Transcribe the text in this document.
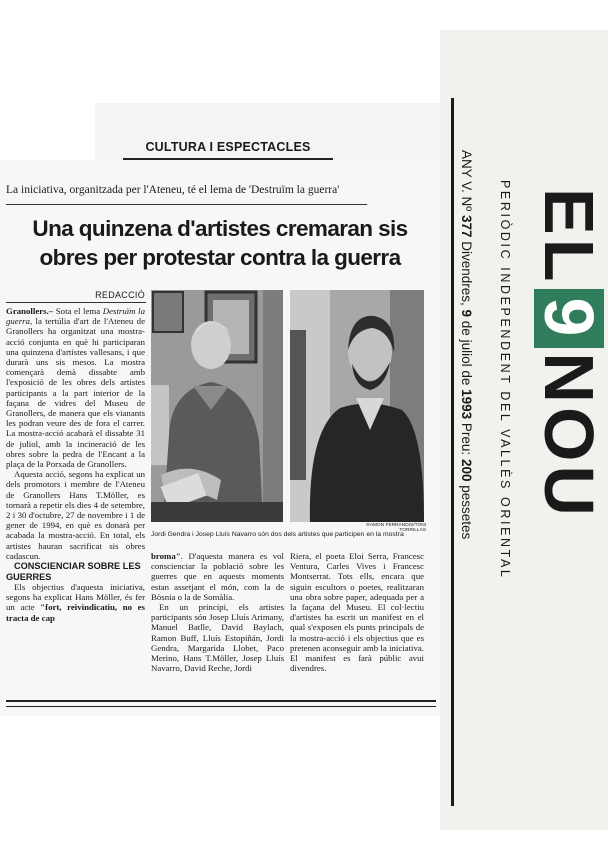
CULTURA I ESPECTACLES
La iniciativa, organitzada per l'Ateneu, té el lema de 'Destruïm la guerra'
Una quinzena d'artistes cremaran sis
obres per protestar contra la guerra
REDACCIÓ

Granollers.– Sota el lema Destruïm la guerra, la tertúlia d'art de l'Ateneu de Granollers ha organitzat una mostra-acció conjunta en què hi participaran una quinzena d'artistes vallesans, i que durarà uns sis mesos. La mostra començarà demà dissabte amb l'exposició de les obres dels artistes participants a la part interior de la façana de vidres del Museu de Granollers, de manera que els vianants les podran veure des de fora el carrer. La mostra-acció acabarà el dissabte 31 de juliol, amb la incineració de les obres sobre la pedra de l'Encant a la plaça de la Porxada de Granollers.

Aquesta acció, segons ha explicat un dels promotors i membre de l'Ateneu de Granollers Hans T.Möller, es tornarà a repetir els dies 4 de setembre, 2 i 30 d'octubre, 27 de novembre i 1 de gener de 1994, en què es donarà per acabada la mostra-acció. En total, els artistes hauran sacrificat sis obres cadascun.

CONSCIENCIAR SOBRE LES GUERRES

Els objectius d'aquesta iniciativa, segons ha explicat Hans Möller, és fer un acte "fort, reivindicatiu, no es tracta de cap

RAMON FERRANDIS/TONI TORRILLAS
Jordi Gendra i Josep Lluís Navarro són dos dels artistes que participen en la mostra

broma". D'aquesta manera es vol conscienciar la població sobre les guerres que en aquests moments estan assetjant el món, com la de Bòsnia o la de Somàlia.

En un principi, els artistes participants són Josep Lluís Arimany, Manuel Batlle, David Baylach, Ramon Buff, Lluís Estopiñán, Jordi Gendra, Margarida Llobet, Paco Merino, Hans T.Möller, Josep Lluís Navarro, David Reche, Jordi

Riera, el poeta Eloi Serra, Francesc Ventura, Carles Vives i Francesc Montserrat. Tots ells, encara que siguin escultors o poetes, realitzaran una obra sobre paper, adequada per a la façana del Museu. El col·lectiu d'artistes ha escrit un manifest en el qual s'exposen els punts principals de la mostra-acció i els objectius que es pretenen aconseguir amb la iniciativa. El manifest es farà públic avui divendres.

ANY V. Nº 377 Divendres, 9 de juliol de 1993 Preu: 200 pessetes PERIÒDIC INDEPENDENT DEL VALLÈS ORIENTAL EL9NOU
